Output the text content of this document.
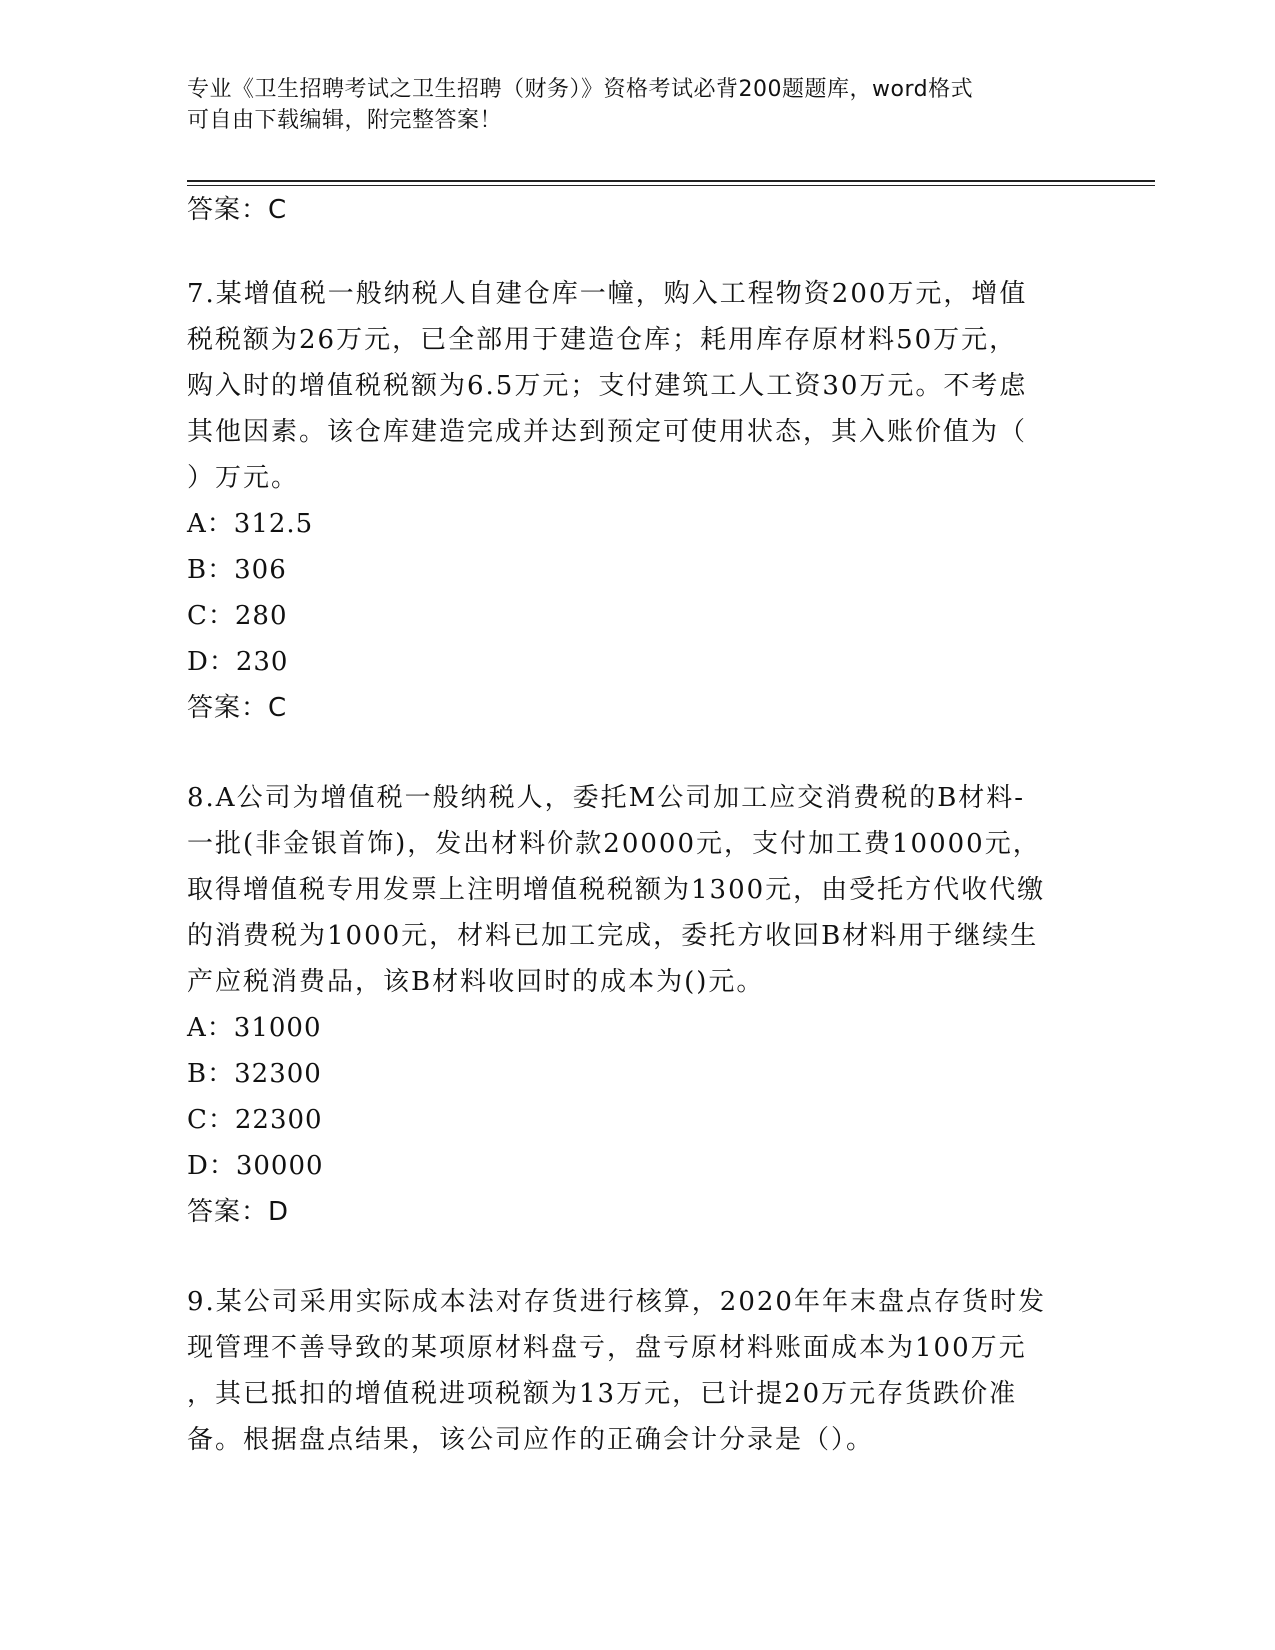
专业《卫生招聘考试之卫生招聘（财务）》资格考试必背200题题库，word格式
可自由下载编辑，附完整答案！
答案：C
7.某增值税一般纳税人自建仓库一幢，购入工程物资200万元，增值
税税额为26万元，已全部用于建造仓库；耗用库存原材料50万元，
购入时的增值税税额为6.5万元；支付建筑工人工资30万元。不考虑
其他因素。该仓库建造完成并达到预定可使用状态，其入账价值为（
）万元。
A：312.5
B：306
C：280
D：230
答案：C
8.A公司为增值税一般纳税人，委托M公司加工应交消费税的B材料-
一批(非金银首饰)，发出材料价款20000元，支付加工费10000元，
取得增值税专用发票上注明增值税税额为1300元，由受托方代收代缴
的消费税为1000元，材料已加工完成，委托方收回B材料用于继续生
产应税消费品，该B材料收回时的成本为()元。
A：31000
B：32300
C：22300
D：30000
答案：D
9.某公司采用实际成本法对存货进行核算，2020年年末盘点存货时发
现管理不善导致的某项原材料盘亏，盘亏原材料账面成本为100万元
，其已抵扣的增值税进项税额为13万元，已计提20万元存货跌价准
备。根据盘点结果，该公司应作的正确会计分录是（）。
